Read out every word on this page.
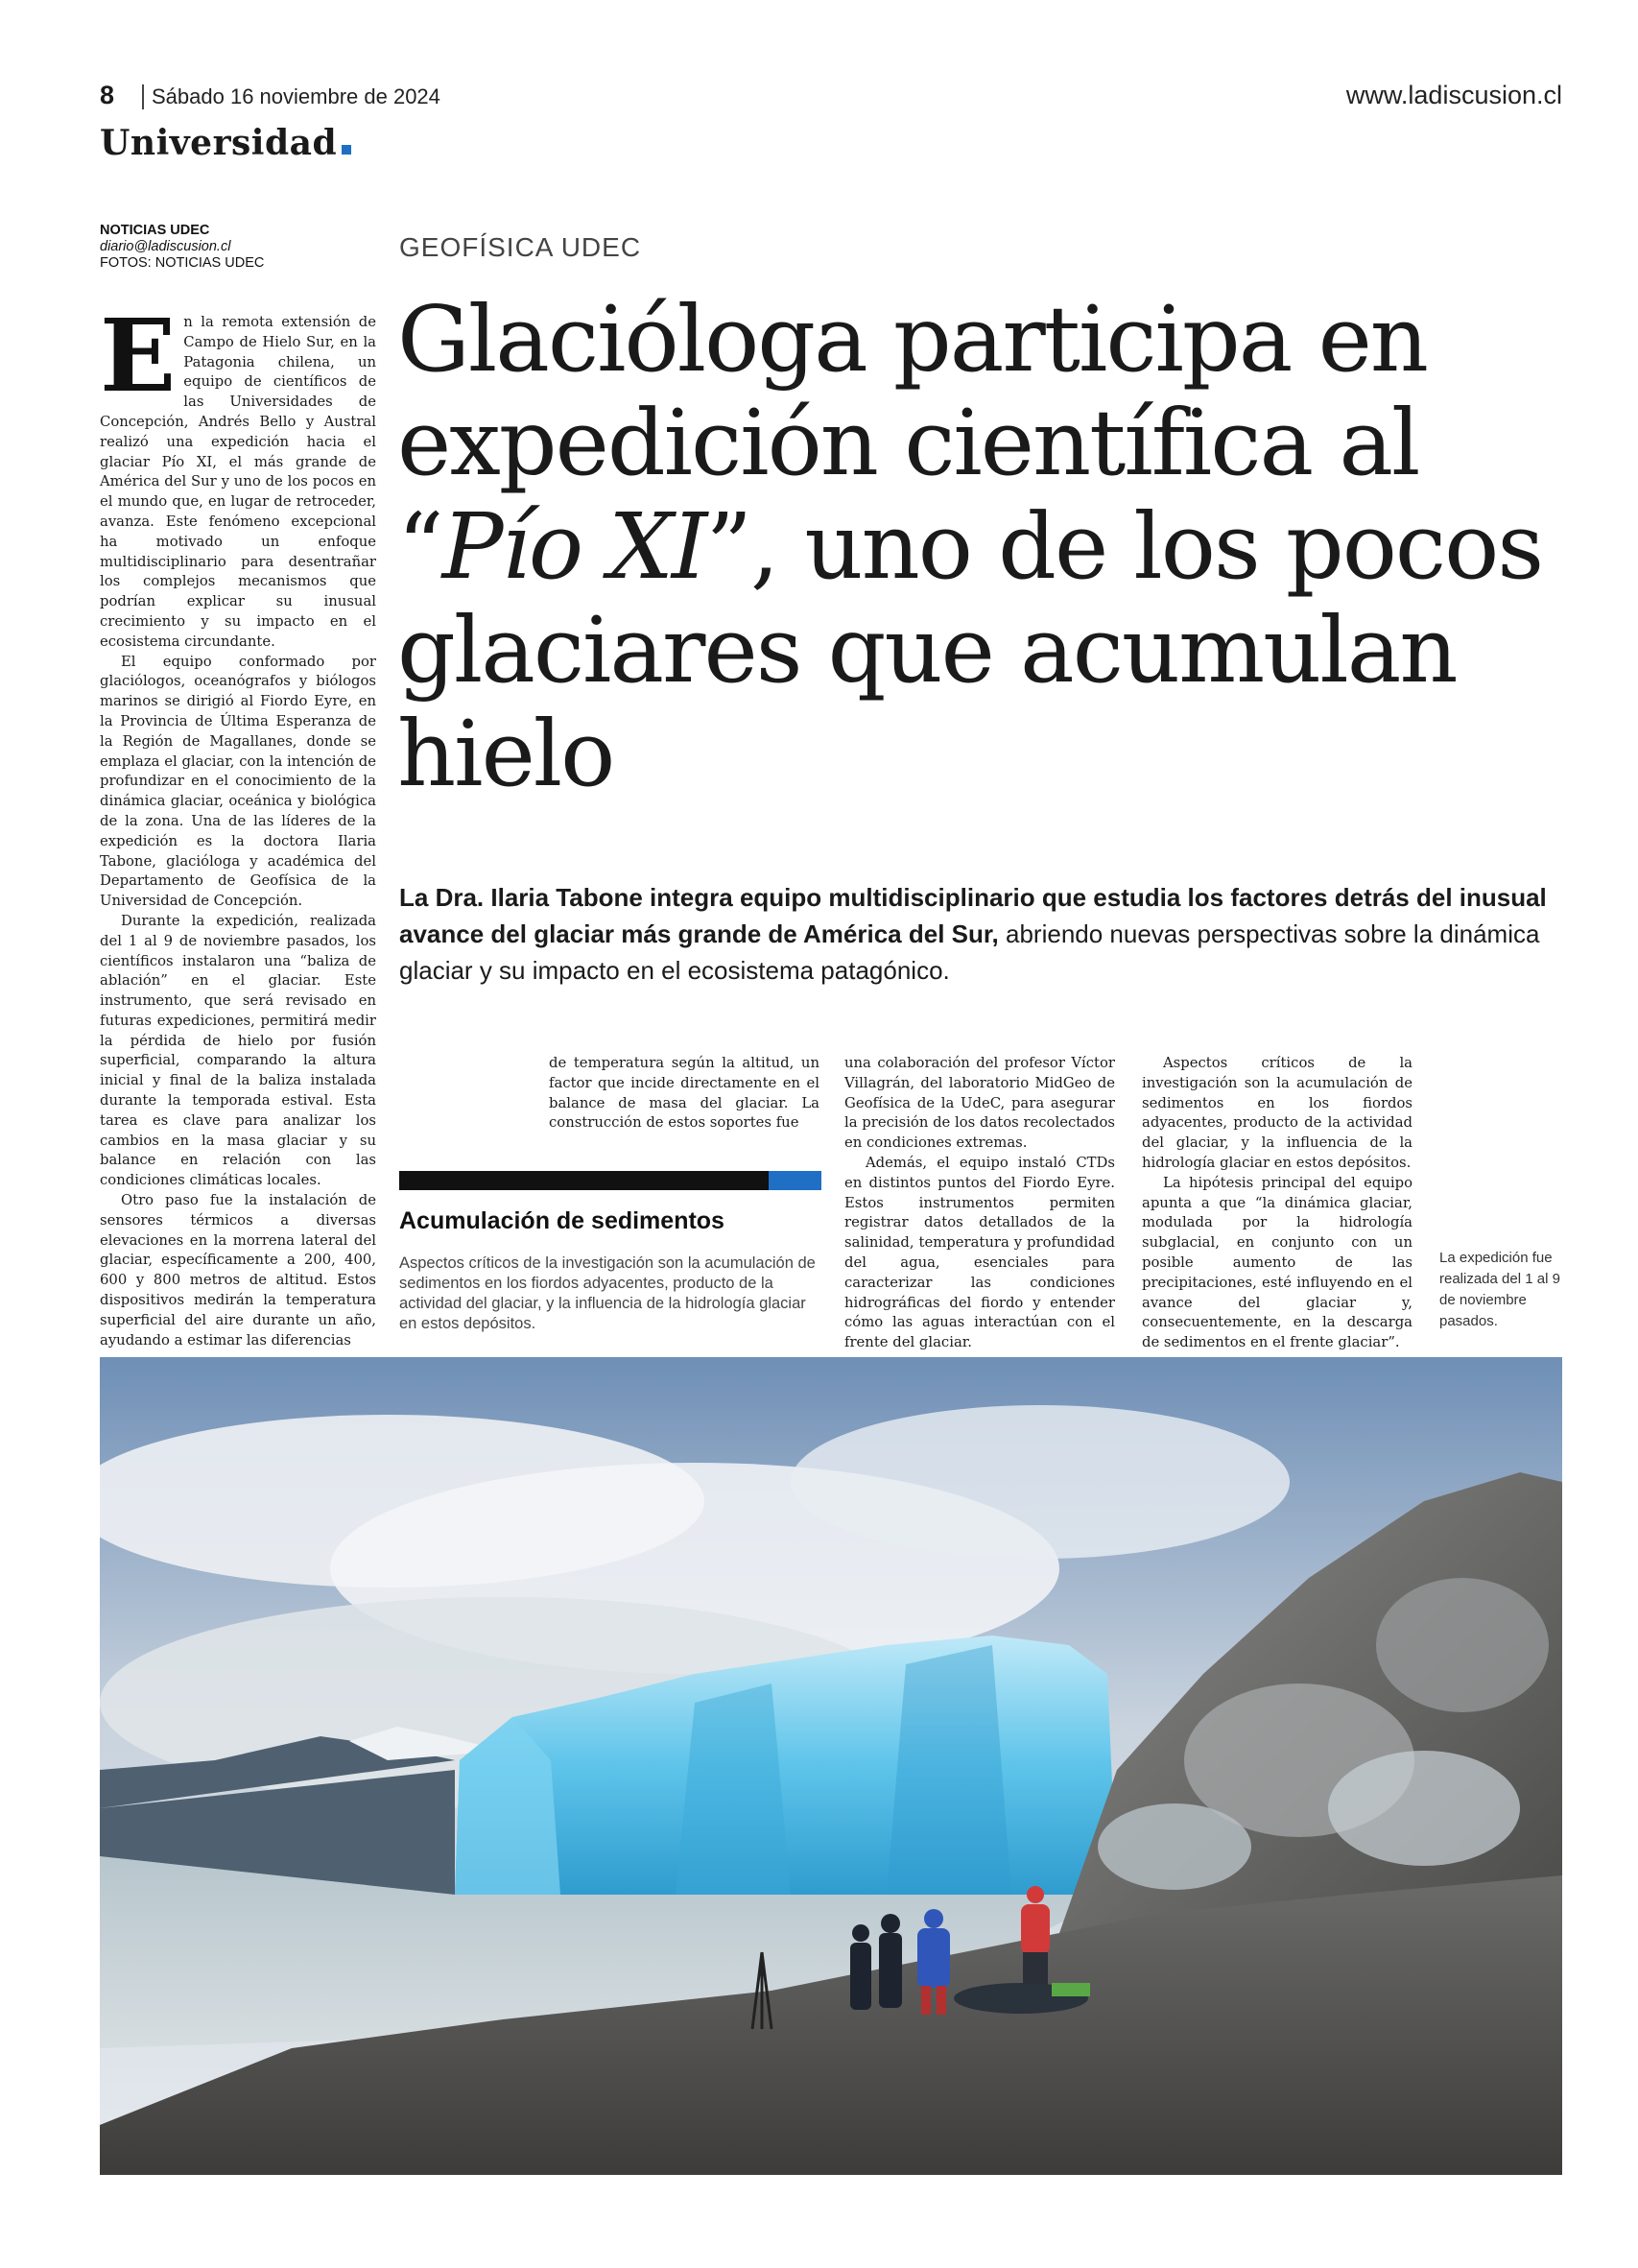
8 Sábado 16 noviembre de 2024	www.ladiscusion.cl
Universidad
NOTICIAS UDEC
diario@ladiscusion.cl
FOTOS: NOTICIAS UDEC
GEOFÍSICA UDEC
Glacióloga participa en expedición científica al “Pío XI”, uno de los pocos glaciares que acumulan hielo
La Dra. Ilaria Tabone integra equipo multidisciplinario que estudia los factores detrás del inusual avance del glaciar más grande de América del Sur, abriendo nuevas perspectivas sobre la dinámica glaciar y su impacto en el ecosistema patagónico.

En la remota extensión de Campo de Hielo Sur, en la Patagonia chilena, un equipo de científicos de las Universidades de Concepción, Andrés Bello y Austral realizó una expedición hacia el glaciar Pío XI, el más grande de América del Sur y uno de los pocos en el mundo que, en lugar de retroceder, avanza. Este fenómeno excepcional ha motivado un enfoque multidisciplinario para desentrañar los complejos mecanismos que podrían explicar su inusual crecimiento y su impacto en el ecosistema circundante.

El equipo conformado por glaciólogos, oceanógrafos y biólogos marinos se dirigió al Fiordo Eyre, en la Provincia de Última Esperanza de la Región de Magallanes, donde se emplaza el glaciar, con la intención de profundizar en el conocimiento de la dinámica glaciar, oceánica y biológica de la zona. Una de las líderes de la expedición es la doctora Ilaria Tabone, glacióloga y académica del Departamento de Geofísica de la Universidad de Concepción.

Durante la expedición, realizada del 1 al 9 de noviembre pasados, los científicos instalaron una “baliza de ablación” en el glaciar. Este instrumento, que será revisado en futuras expediciones, permitirá medir la pérdida de hielo por fusión superficial, comparando la altura inicial y final de la baliza instalada durante la temporada estival. Esta tarea es clave para analizar los cambios en la masa glaciar y su balance en relación con las condiciones climáticas locales.

Otro paso fue la instalación de sensores térmicos a diversas elevaciones en la morrena lateral del glaciar, específicamente a 200, 400, 600 y 800 metros de altitud. Estos dispositivos medirán la temperatura superficial del aire durante un año, ayudando a estimar las diferencias

de temperatura según la altitud, un factor que incide directamente en el balance de masa del glaciar. La construcción de estos soportes fue

Acumulación de sedimentos
Aspectos críticos de la investigación son la acumulación de sedimentos en los fiordos adyacentes, producto de la actividad del glaciar, y la influencia de la hidrología glaciar en estos depósitos.

una colaboración del profesor Víctor Villagrán, del laboratorio MidGeo de Geofísica de la UdeC, para asegurar la precisión de los datos recolectados en condiciones extremas.

Además, el equipo instaló CTDs en distintos puntos del Fiordo Eyre. Estos instrumentos permiten registrar datos detallados de la salinidad, temperatura y profundidad del agua, esenciales para caracterizar las condiciones hidrográficas del fiordo y entender cómo las aguas interactúan con el frente del glaciar.

Aspectos críticos de la investigación son la acumulación de sedimentos en los fiordos adyacentes, producto de la actividad del glaciar, y la influencia de la hidrología glaciar en estos depósitos.

La hipótesis principal del equipo apunta a que “la dinámica glaciar, modulada por la hidrología subglacial, en conjunto con un posible aumento de las precipitaciones, esté influyendo en el avance del glaciar y, consecuentemente, en la descarga de sedimentos en el frente glaciar”.

La expedición fue realizada del 1 al 9 de noviembre pasados.
